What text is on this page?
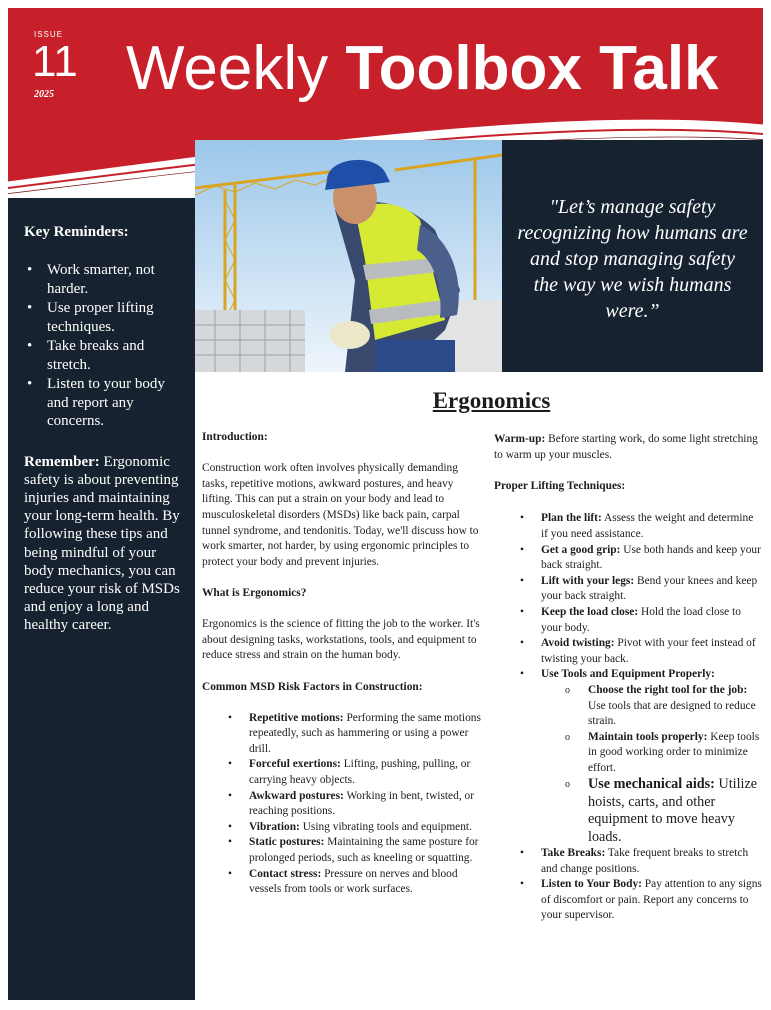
ISSUE
11
2025 Weekly Toolbox Talk
Key Reminders:
• Work smarter, not harder.
• Use proper lifting techniques.
• Take breaks and stretch.
• Listen to your body and report any concerns.

Remember: Ergonomic safety is about preventing injuries and maintaining your long-term health. By following these tips and being mindful of your body mechanics, you can reduce your risk of MSDs and enjoy a long and healthy career.

"Let’s manage safety recognizing how humans are and stop managing safety the way we wish humans were.”
Ergonomics

Introduction:

Construction work often involves physically demanding tasks, repetitive motions, awkward postures, and heavy lifting. This can put a strain on your body and lead to musculoskeletal disorders (MSDs) like back pain, carpal tunnel syndrome, and tendonitis. Today, we'll discuss how to work smarter, not harder, by using ergonomic principles to protect your body and prevent injuries.

What is Ergonomics?

Ergonomics is the science of fitting the job to the worker. It's about designing tasks, workstations, tools, and equipment to reduce stress and strain on the human body.

Common MSD Risk Factors in Construction:

• Repetitive motions: Performing the same motions repeatedly, such as hammering or using a power drill.
• Forceful exertions: Lifting, pushing, pulling, or carrying heavy objects.
• Awkward postures: Working in bent, twisted, or reaching positions.
• Vibration: Using vibrating tools and equipment.
• Static postures: Maintaining the same posture for prolonged periods, such as kneeling or squatting.
• Contact stress: Pressure on nerves and blood vessels from tools or work surfaces.

Warm-up: Before starting work, do some light stretching to warm up your muscles.

Proper Lifting Techniques:

• Plan the lift: Assess the weight and determine if you need assistance.
• Get a good grip: Use both hands and keep your back straight.
• Lift with your legs: Bend your knees and keep your back straight.
• Keep the load close: Hold the load close to your body.
• Avoid twisting: Pivot with your feet instead of twisting your back.
• Use Tools and Equipment Properly:
o Choose the right tool for the job: Use tools that are designed to reduce strain.
o Maintain tools properly: Keep tools in good working order to minimize effort.
o Use mechanical aids: Utilize hoists, carts, and other equipment to move heavy loads.
• Take Breaks: Take frequent breaks to stretch and change positions.
• Listen to Your Body: Pay attention to any signs of discomfort or pain. Report any concerns to your supervisor.
